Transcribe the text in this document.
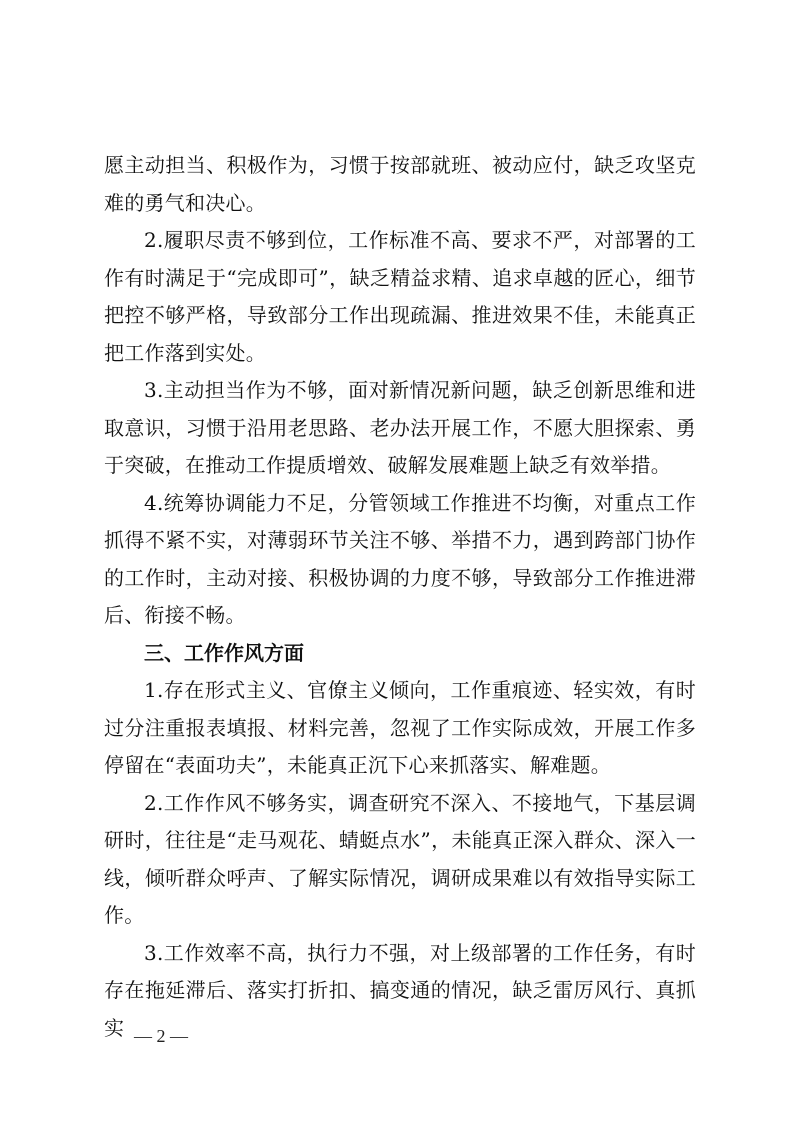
愿主动担当、积极作为，习惯于按部就班、被动应付，缺乏攻坚克难的勇气和决心。

2.履职尽责不够到位，工作标准不高、要求不严，对部署的工作有时满足于“完成即可”，缺乏精益求精、追求卓越的匠心，细节把控不够严格，导致部分工作出现疏漏、推进效果不佳，未能真正把工作落到实处。

3.主动担当作为不够，面对新情况新问题，缺乏创新思维和进取意识，习惯于沿用老思路、老办法开展工作，不愿大胆探索、勇于突破，在推动工作提质增效、破解发展难题上缺乏有效举措。

4.统筹协调能力不足，分管领域工作推进不均衡，对重点工作抓得不紧不实，对薄弱环节关注不够、举措不力，遇到跨部门协作的工作时，主动对接、积极协调的力度不够，导致部分工作推进滞后、衔接不畅。

三、工作作风方面

1.存在形式主义、官僚主义倾向，工作重痕迹、轻实效，有时过分注重报表填报、材料完善，忽视了工作实际成效，开展工作多停留在“表面功夫”，未能真正沉下心来抓落实、解难题。

2.工作作风不够务实，调查研究不深入、不接地气，下基层调研时，往往是“走马观花、蜻蜓点水”，未能真正深入群众、深入一线，倾听群众呼声、了解实际情况，调研成果难以有效指导实际工作。

3.工作效率不高，执行力不强，对上级部署的工作任务，有时存在拖延滞后、落实打折扣、搞变通的情况，缺乏雷厉风行、真抓实 — 2 —
